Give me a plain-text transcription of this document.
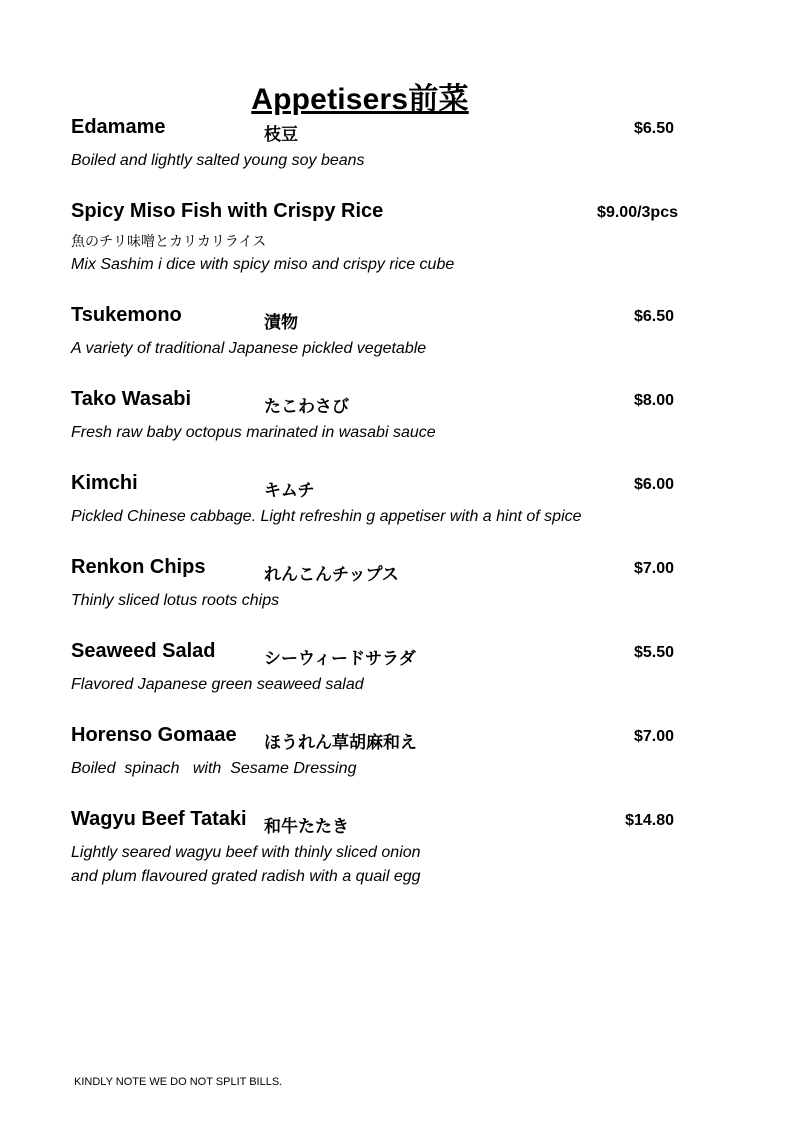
Appetisers前菜
Edamame	枝豆	$6.50
Boiled and lightly salted young soy beans
Spicy Miso Fish with Crispy Rice	$9.00/3pcs
魚のチリ味噌とカリカリライス
Mix Sashim i dice with spicy miso and crispy rice cube
Tsukemono	漬物	$6.50
A variety of traditional Japanese pickled vegetable
Tako Wasabi	たこわさび	$8.00
Fresh raw baby octopus marinated in wasabi sauce
Kimchi	キムチ	$6.00
Pickled Chinese cabbage. Light refreshin g appetiser with a hint of spice
Renkon Chips	れんこんチップス	$7.00
Thinly sliced lotus roots chips
Seaweed Salad	シーウィードサラダ	$5.50
Flavored Japanese green seaweed salad
Horenso Gomaae ほうれん草胡麻和え	$7.00
Boiled  spinach   with  Sesame Dressing
Wagyu Beef Tataki 和牛たたき	$14.80
Lightly seared wagyu beef with thinly sliced onion
and plum flavoured grated radish with a quail egg
KINDLY NOTE WE DO NOT SPLIT BILLS.
